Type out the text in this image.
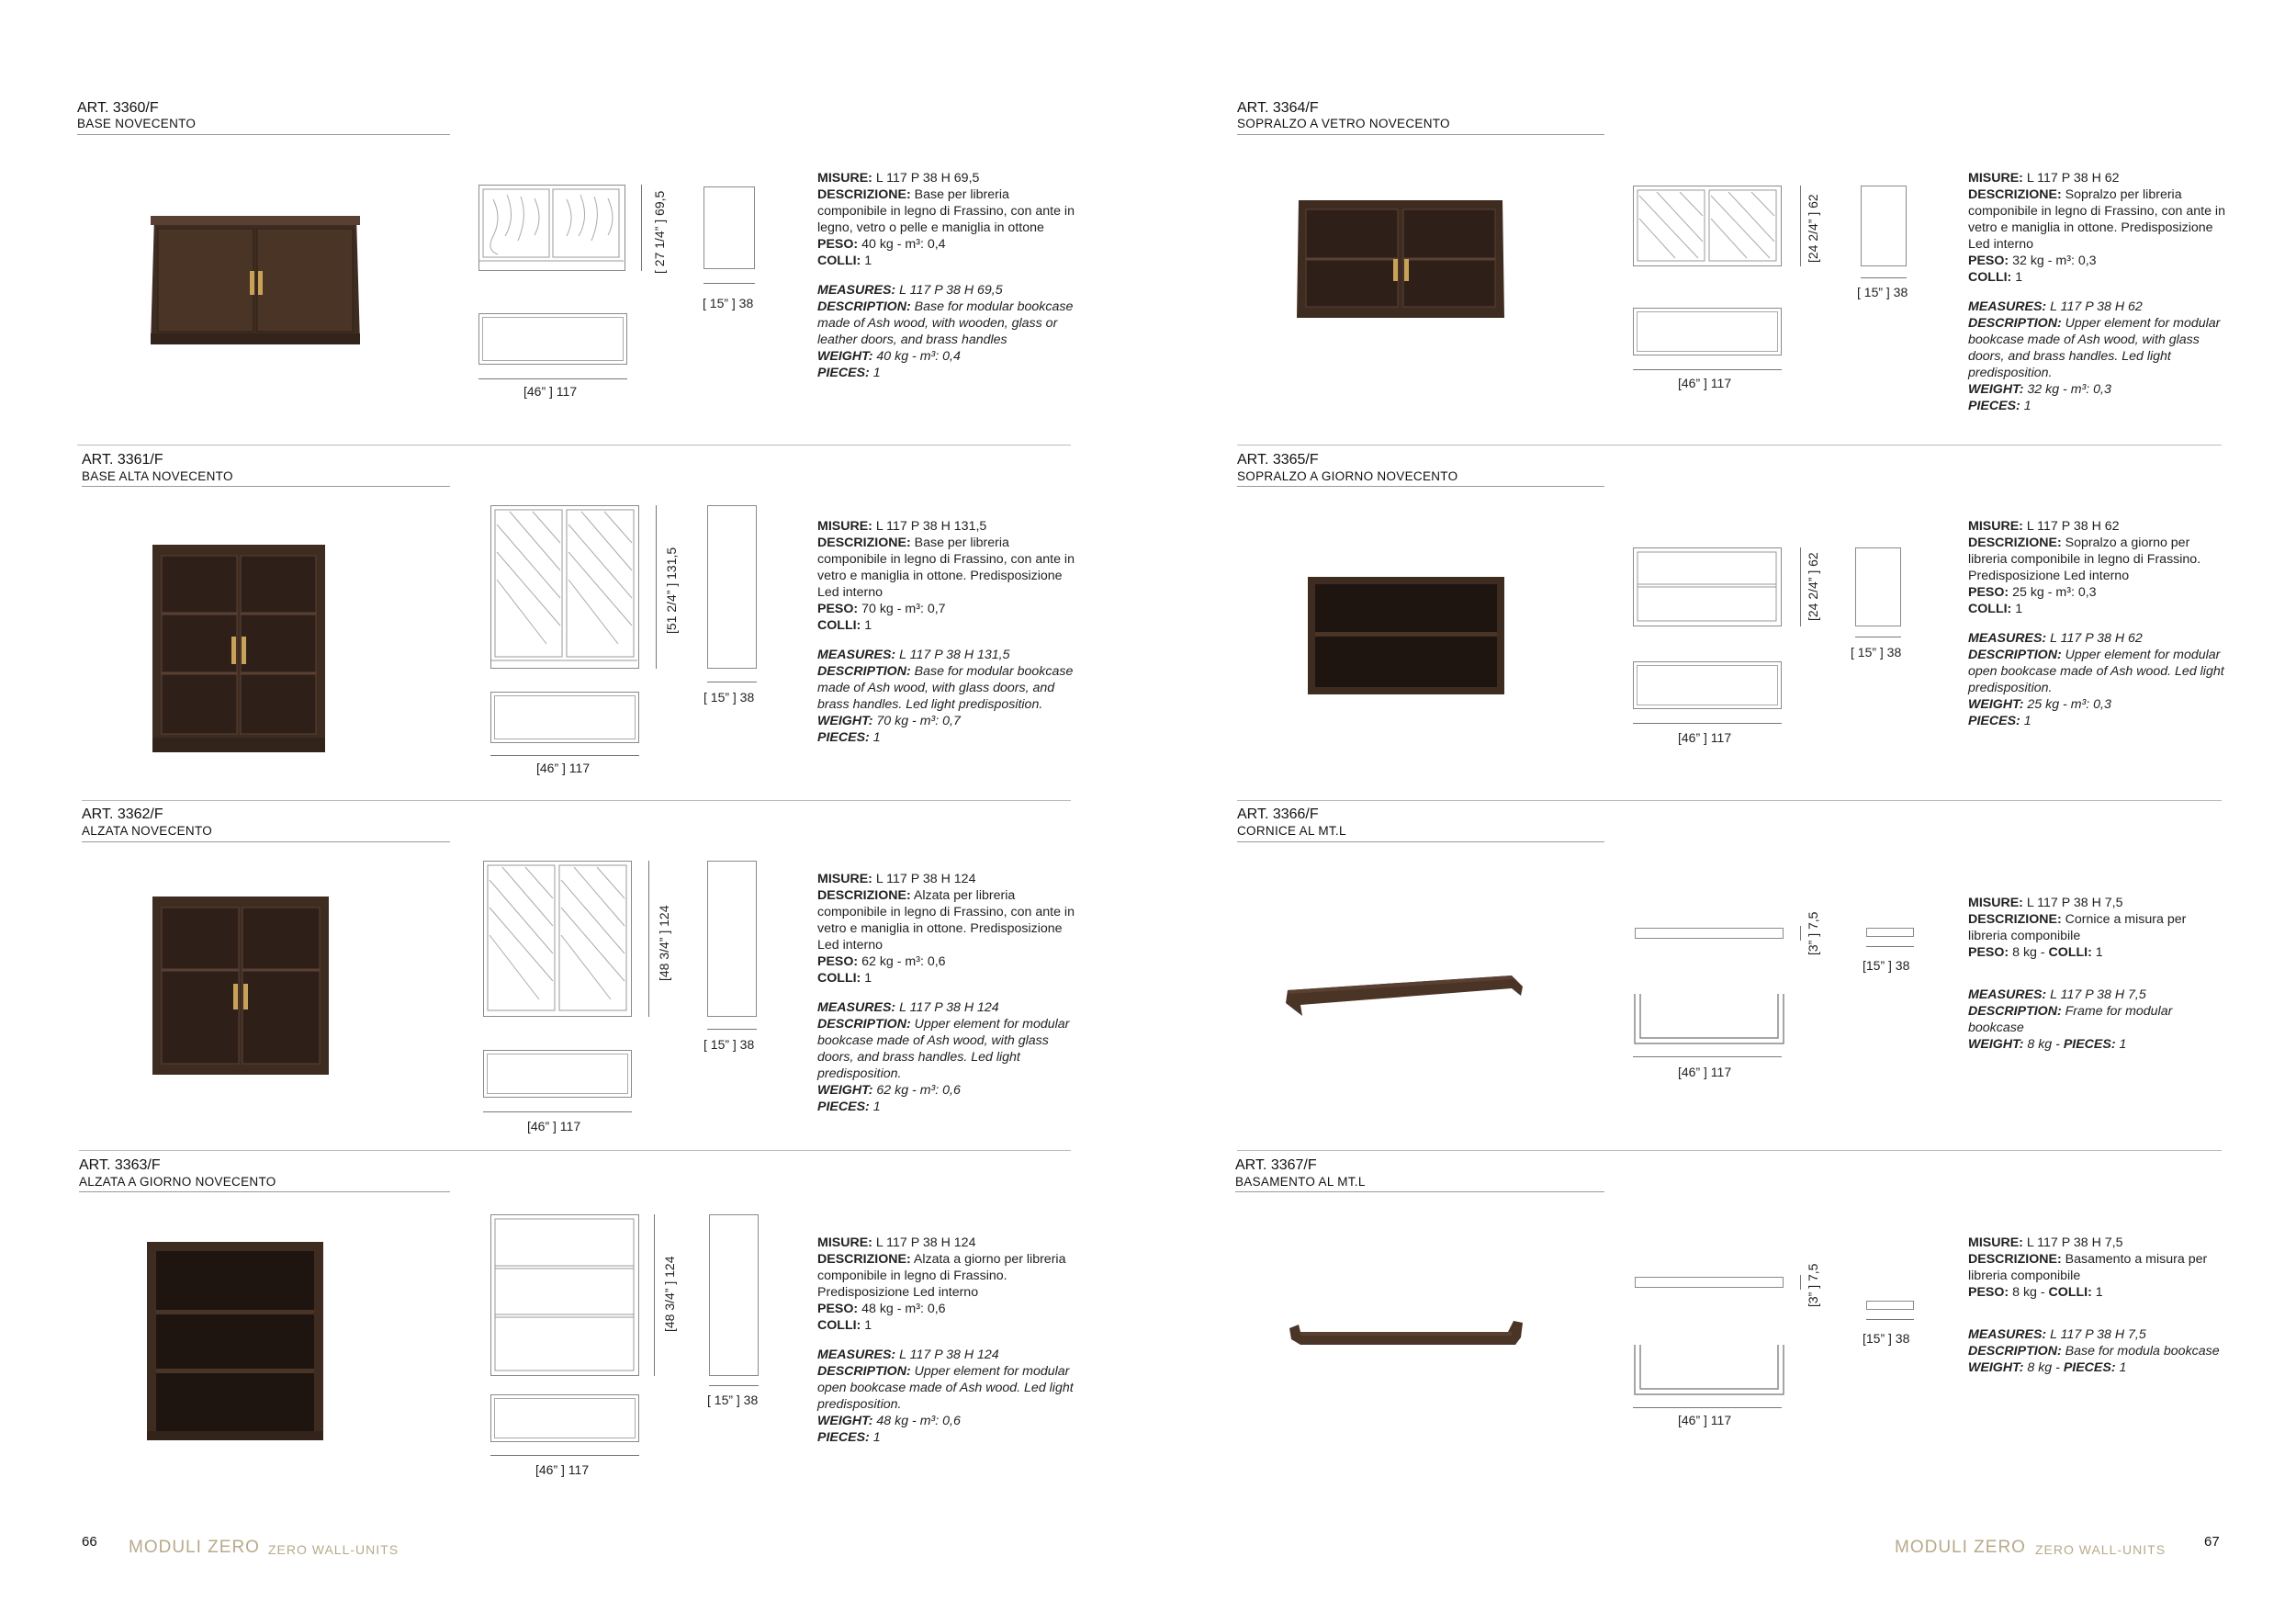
ART. 3360/F
BASE NOVECENTO
[ 27 1/4” ] 69,5
[ 15” ] 38
[46” ] 117

MISURE: L 117 P 38 H 69,5

DESCRIZIONE: Base per libreria componibile in legno di Frassino, con ante in legno, vetro o pelle e maniglia in ottone

PESO: 40 kg - m³: 0,4

COLLI: 1

MEASURES: L 117 P 38 H 69,5

DESCRIPTION: Base for modular bookcase made of Ash wood, with wooden, glass or leather doors, and brass handles

WEIGHT: 40 kg - m³: 0,4

PIECES: 1

ART. 3361/F
BASE ALTA NOVECENTO
[51 2/4” ] 131,5
[ 15” ] 38
[46” ] 117

MISURE: L 117 P 38 H 131,5

DESCRIZIONE: Base per libreria componibile in legno di Frassino, con ante in vetro e maniglia in ottone. Predisposizione Led interno

PESO: 70 kg - m³: 0,7

COLLI: 1

MEASURES: L 117 P 38 H 131,5

DESCRIPTION: Base for modular bookcase made of Ash wood, with glass doors, and brass handles. Led light predisposition.

WEIGHT: 70 kg - m³: 0,7

PIECES: 1

ART. 3362/F
ALZATA NOVECENTO
[48 3/4” ] 124
[ 15” ] 38
[46” ] 117

MISURE: L 117 P 38 H 124

DESCRIZIONE: Alzata per libreria componibile in legno di Frassino, con ante in vetro e maniglia in ottone. Predisposizione Led interno

PESO: 62 kg - m³: 0,6

COLLI: 1

MEASURES: L 117 P 38 H 124

DESCRIPTION: Upper element for modular bookcase made of Ash wood, with glass doors, and brass handles. Led light predisposition.

WEIGHT: 62 kg - m³: 0,6

PIECES: 1

ART. 3363/F
ALZATA A GIORNO NOVECENTO
[48 3/4” ] 124
[ 15” ] 38
[46” ] 117

MISURE: L 117 P 38 H 124

DESCRIZIONE: Alzata a giorno per libreria componibile in legno di Frassino. Predisposizione Led interno

PESO: 48 kg - m³: 0,6

COLLI: 1

MEASURES: L 117 P 38 H 124

DESCRIPTION: Upper element for modular open bookcase made of Ash wood. Led light predisposition.

WEIGHT: 48 kg - m³: 0,6

PIECES: 1

66 MODULI ZERO ZERO WALL-UNITS
ART. 3364/F
SOPRALZO A VETRO NOVECENTO
[24 2/4” ] 62
[ 15” ] 38
[46” ] 117

MISURE: L 117 P 38 H 62

DESCRIZIONE: Sopralzo per libreria componibile in legno di Frassino, con ante in vetro e maniglia in ottone. Predisposizione Led interno

PESO: 32 kg - m³: 0,3

COLLI: 1

MEASURES: L 117 P 38 H 62

DESCRIPTION: Upper element for modular bookcase made of Ash wood, with glass doors, and brass handles. Led light predisposition.

WEIGHT: 32 kg - m³: 0,3

PIECES: 1

ART. 3365/F
SOPRALZO A GIORNO NOVECENTO
[24 2/4” ] 62
[ 15” ] 38
[46” ] 117

MISURE: L 117 P 38 H 62

DESCRIZIONE: Sopralzo a giorno per libreria componibile in legno di Frassino. Predisposizione Led interno

PESO: 25 kg - m³: 0,3

COLLI: 1

MEASURES: L 117 P 38 H 62

DESCRIPTION: Upper element for modular open bookcase made of Ash wood. Led light predisposition.

WEIGHT: 25 kg - m³: 0,3

PIECES: 1

ART. 3366/F
CORNICE AL MT.L
[3” ] 7,5
[15” ] 38
[46” ] 117

MISURE: L 117 P 38 H 7,5

DESCRIZIONE: Cornice a misura per libreria componibile

PESO: 8 kg - COLLI: 1

MEASURES: L 117 P 38 H 7,5

DESCRIPTION: Frame for modular bookcase

WEIGHT: 8 kg - PIECES: 1

ART. 3367/F
BASAMENTO AL MT.L
[3” ] 7,5
[15” ] 38
[46” ] 117

MISURE: L 117 P 38 H 7,5

DESCRIZIONE: Basamento a misura per libreria componibile

PESO: 8 kg - COLLI: 1

MEASURES: L 117 P 38 H 7,5

DESCRIPTION: Base for modula bookcase

WEIGHT: 8 kg - PIECES: 1

MODULI ZERO ZERO WALL-UNITS	67
